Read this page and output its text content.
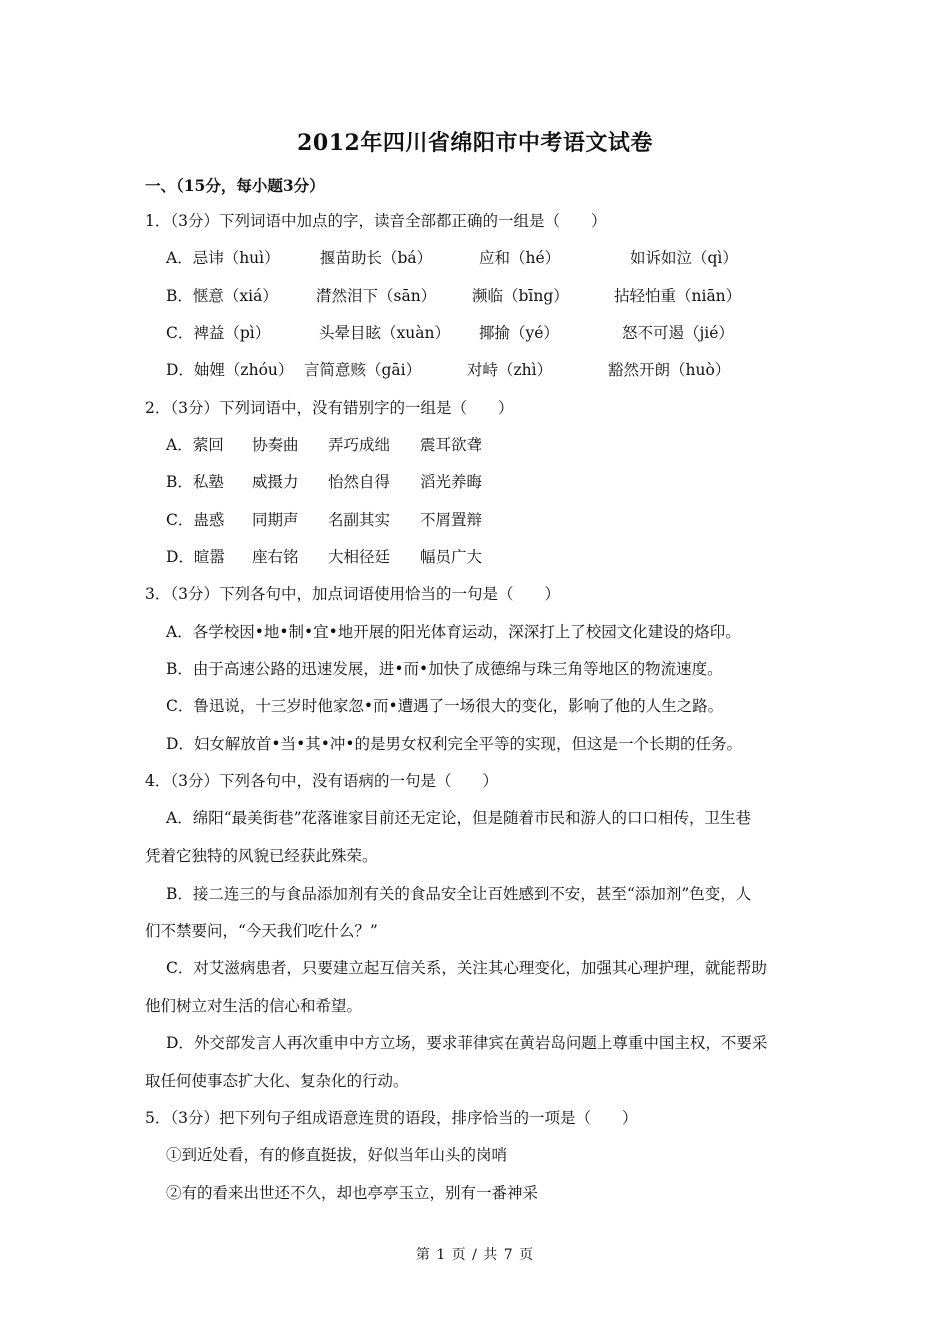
2012年四川省绵阳市中考语文试卷
一、（15分，每小题3分）
1．（3分）下列词语中加点的字，读音全部都正确的一组是（　　）
A．忌讳（huì）	揠苗助长（bá）	应和（hé）	如诉如泣（qì）
B．惬意（xiá） 潸然泪下（sān） 濒临（bīng）	拈轻怕重（niān）
C．裨益（pì）	头晕目眩（xuàn） 揶揄（yé）	怒不可遏（jié）
D．妯娌（zhóu） 言简意赅（gāi）	对峙（zhì）	豁然开朗（huò）
2．（3分）下列词语中，没有错别字的一组是（　　）
A．萦回 协奏曲 弄巧成绌 震耳欲聋
B．私塾 威摄力 怡然自得 滔光养晦
C．蛊惑 同期声 名副其实 不屑置辩
D．暄嚣 座右铭 大相径廷 幅员广大
3．（3分）下列各句中，加点词语使用恰当的一句是（　　）
A．各学校因•地•制•宜•地开展的阳光体育运动，深深打上了校园文化建设的烙印。
B．由于高速公路的迅速发展，进•而•加快了成德绵与珠三角等地区的物流速度。
C．鲁迅说，十三岁时他家忽•而•遭遇了一场很大的变化，影响了他的人生之路。
D．妇女解放首•当•其•冲•的是男女权利完全平等的实现，但这是一个长期的任务。
4．（3分）下列各句中，没有语病的一句是（　　）
A．绵阳“最美街巷”花落谁家目前还无定论，但是随着市民和游人的口口相传，卫生巷
凭着它独特的风貌已经获此殊荣。
B．接二连三的与食品添加剂有关的食品安全让百姓感到不安，甚至“添加剂”色变，人
们不禁要问，“今天我们吃什么？”
C．对艾滋病患者，只要建立起互信关系，关注其心理变化，加强其心理护理，就能帮助
他们树立对生活的信心和希望。
D．外交部发言人再次重申中方立场，要求菲律宾在黄岩岛问题上尊重中国主权，不要采
取任何使事态扩大化、复杂化的行动。
5．（3分）把下列句子组成语意连贯的语段，排序恰当的一项是（　　）
①到近处看，有的修直挺拔，好似当年山头的岗哨
②有的看来出世还不久，却也亭亭玉立，别有一番神采
第 1 页 / 共 7 页
